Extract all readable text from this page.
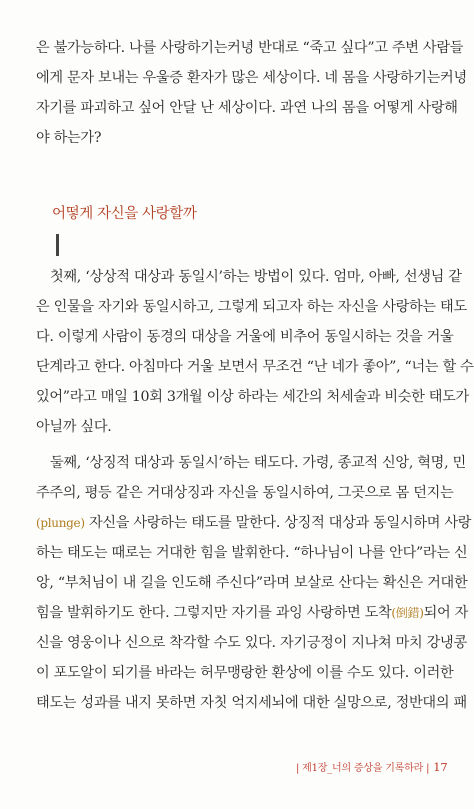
은 불가능하다. 나를 사랑하기는커녕 반대로 “죽고 싶다”고 주변 사람들
에게 문자 보내는 우울증 환자가 많은 세상이다. 네 몸을 사랑하기는커녕
자기를 파괴하고 싶어 안달 난 세상이다. 과연 나의 몸을 어떻게 사랑해
야 하는가?
어떻게 자신을 사랑할까
첫째, ‘상상적 대상과 동일시’하는 방법이 있다. 엄마, 아빠, 선생님 같
은 인물을 자기와 동일시하고, 그렇게 되고자 하는 자신을 사랑하는 태도
다. 이렇게 사람이 동경의 대상을 거울에 비추어 동일시하는 것을 거울
단계라고 한다. 아침마다 거울 보면서 무조건 “난 네가 좋아”, “너는 할 수
있어”라고 매일 10회 3개월 이상 하라는 세간의 처세술과 비슷한 태도가
아닐까 싶다.
둘째, ‘상징적 대상과 동일시’하는 태도다. 가령, 종교적 신앙, 혁명, 민
주주의, 평등 같은 거대상징과 자신을 동일시하여, 그곳으로 몸 던지는
(plunge) 자신을 사랑하는 태도를 말한다. 상징적 대상과 동일시하며 사랑
하는 태도는 때로는 거대한 힘을 발휘한다. “하나님이 나를 안다”라는 신
앙, “부처님이 내 길을 인도해 주신다”라며 보살로 산다는 확신은 거대한
힘을 발휘하기도 한다. 그렇지만 자기를 과잉 사랑하면 도착(倒錯)되어 자
신을 영웅이나 신으로 착각할 수도 있다. 자기긍정이 지나쳐 마치 강냉콩
이 포도알이 되기를 바라는 허무맹랑한 환상에 이를 수도 있다. 이러한
태도는 성과를 내지 못하면 자칫 억지세뇌에 대한 실망으로, 정반대의 패
| 제1장_너의 증상을 기록하라 | 17
